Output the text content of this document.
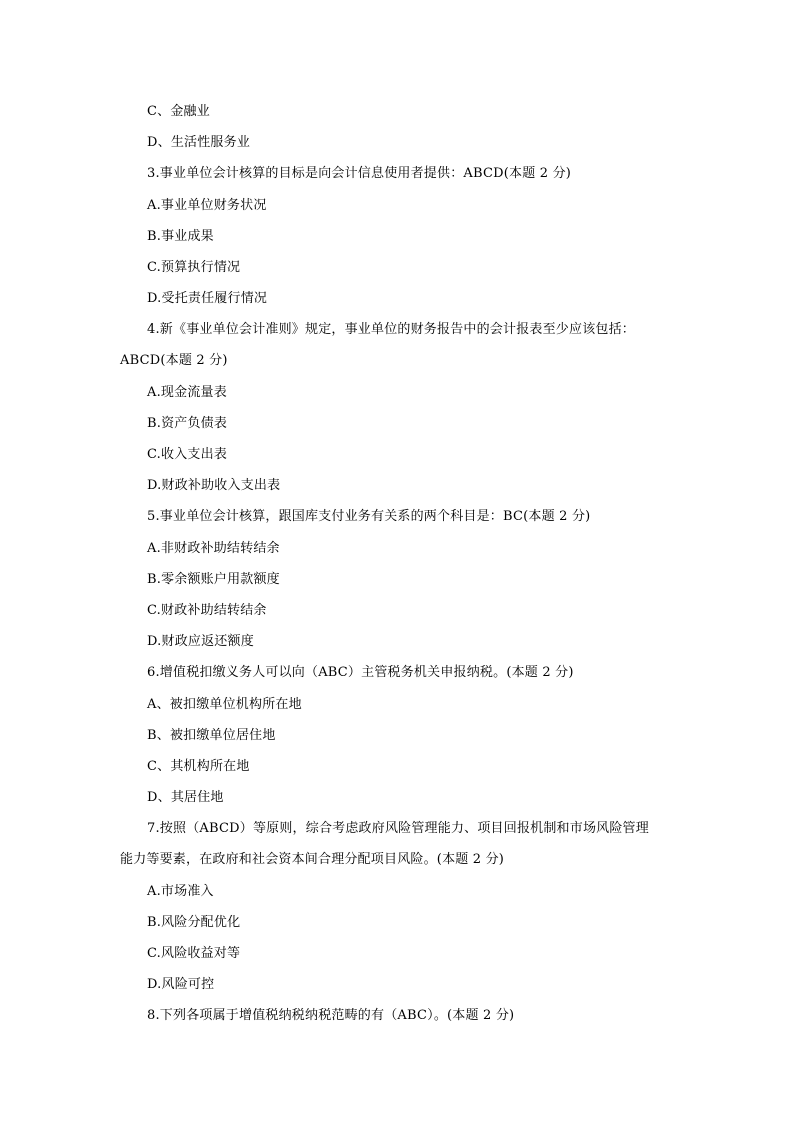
C、金融业
D、生活性服务业
3.事业单位会计核算的目标是向会计信息使用者提供：ABCD(本题 2 分)
A.事业单位财务状况
B.事业成果
C.预算执行情况
D.受托责任履行情况
4.新《事业单位会计准则》规定，事业单位的财务报告中的会计报表至少应该包括：
ABCD(本题 2 分)
A.现金流量表
B.资产负债表
C.收入支出表
D.财政补助收入支出表
5.事业单位会计核算，跟国库支付业务有关系的两个科目是：BC(本题 2 分)
A.非财政补助结转结余
B.零余额账户用款额度
C.财政补助结转结余
D.财政应返还额度
6.增值税扣缴义务人可以向（ABC）主管税务机关申报纳税。(本题 2 分)
A、被扣缴单位机构所在地
B、被扣缴单位居住地
C、其机构所在地
D、其居住地
7.按照（ABCD）等原则，综合考虑政府风险管理能力、项目回报机制和市场风险管理
能力等要素，在政府和社会资本间合理分配项目风险。(本题 2 分)
A.市场准入
B.风险分配优化
C.风险收益对等
D.风险可控
8.下列各项属于增值税纳税纳税范畴的有（ABC）。(本题 2 分)
